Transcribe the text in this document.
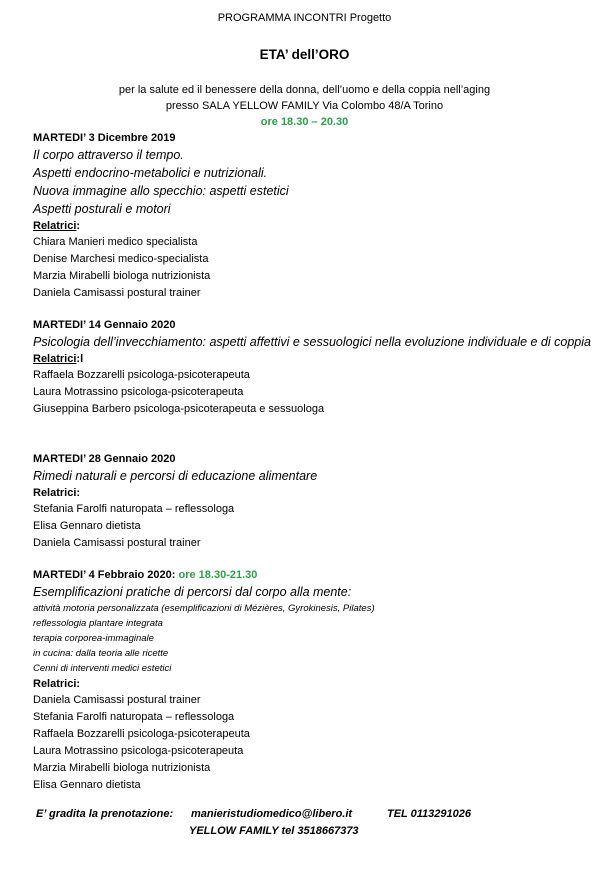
PROGRAMMA INCONTRI Progetto
ETA’ dell’ORO
per la salute ed il benessere della donna, dell’uomo e della coppia nell’aging
presso SALA YELLOW FAMILY Via Colombo 48/A Torino
ore 18.30 – 20.30
MARTEDI’ 3 Dicembre 2019
Il corpo attraverso il tempo.
Aspetti endocrino-metabolici e nutrizionali.
Nuova immagine allo specchio: aspetti estetici
Aspetti posturali e motori
Relatrici:
Chiara Manieri medico specialista
Denise Marchesi medico-specialista
Marzia Mirabelli biologa nutrizionista
Daniela Camisassi postural trainer
MARTEDI’ 14 Gennaio 2020
Psicologia dell’invecchiamento: aspetti affettivi e sessuologici nella evoluzione individuale e di coppia
Relatrici:l
Raffaela Bozzarelli psicologa-psicoterapeuta
Laura Motrassino psicologa-psicoterapeuta
Giuseppina Barbero psicologa-psicoterapeuta e sessuologa
MARTEDI’ 28 Gennaio 2020
Rimedi naturali e percorsi di educazione alimentare
Relatrici:
Stefania Farolfi naturopata – reflessologa
Elisa Gennaro dietista
Daniela Camisassi postural trainer
MARTEDI’ 4 Febbraio 2020: ore 18.30-21.30
Esemplificazioni pratiche di percorsi dal corpo alla mente:
attività motoria personalizzata (esemplificazioni di Mézières, Gyrokinesis, Pilates)
reflessologia plantare integrata
terapia corporea-immaginale
in cucina: dalla teoria alle ricette
Cenni di interventi medici estetici
Relatrici:
Daniela Camisassi postural trainer
Stefania Farolfi naturopata – reflessologa
Raffaela Bozzarelli psicologa-psicoterapeuta
Laura Motrassino psicologa-psicoterapeuta
Marzia Mirabelli biologa nutrizionista
Elisa Gennaro dietista
E’ gradita la prenotazione: manieristudiomedico@libero.it	TEL 0113291026
YELLOW FAMILY tel 3518667373
